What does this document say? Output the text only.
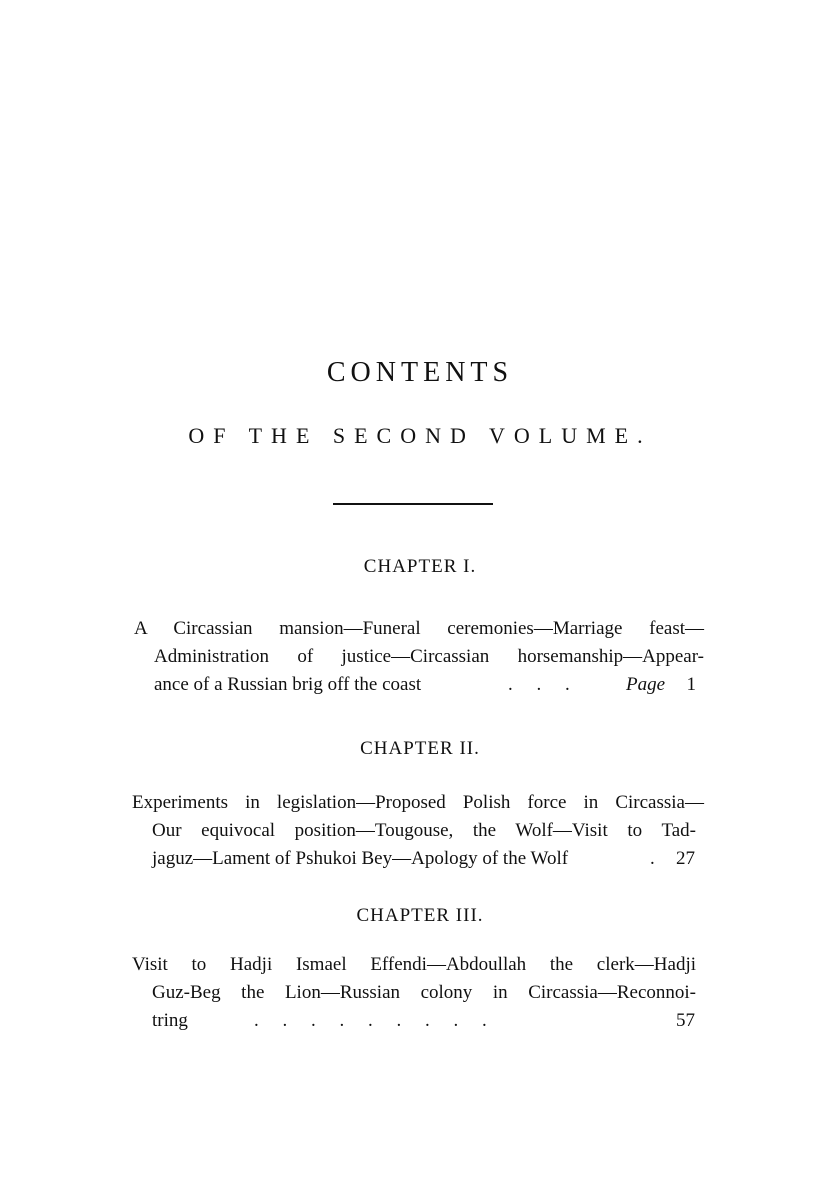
CONTENTS
OF THE SECOND VOLUME.
CHAPTER I.
A Circassian mansion—Funeral ceremonies—Marriage feast—
Administration of justice—Circassian horsemanship—Appear-
ance of a Russian brig off the coast	.     .     .	Page 1
CHAPTER II.
Experiments in legislation—Proposed Polish force in Circassia—
Our equivocal position—Tougouse, the Wolf—Visit to Tad-
jaguz—Lament of Pshukoi Bey—Apology of the Wolf	. 27
CHAPTER III.
Visit to Hadji Ismael Effendi—Abdoullah the clerk—Hadji
Guz-Beg the Lion—Russian colony in Circassia—Reconnoi-
tring	.     .     .     .     .     .     .     .     .	57
